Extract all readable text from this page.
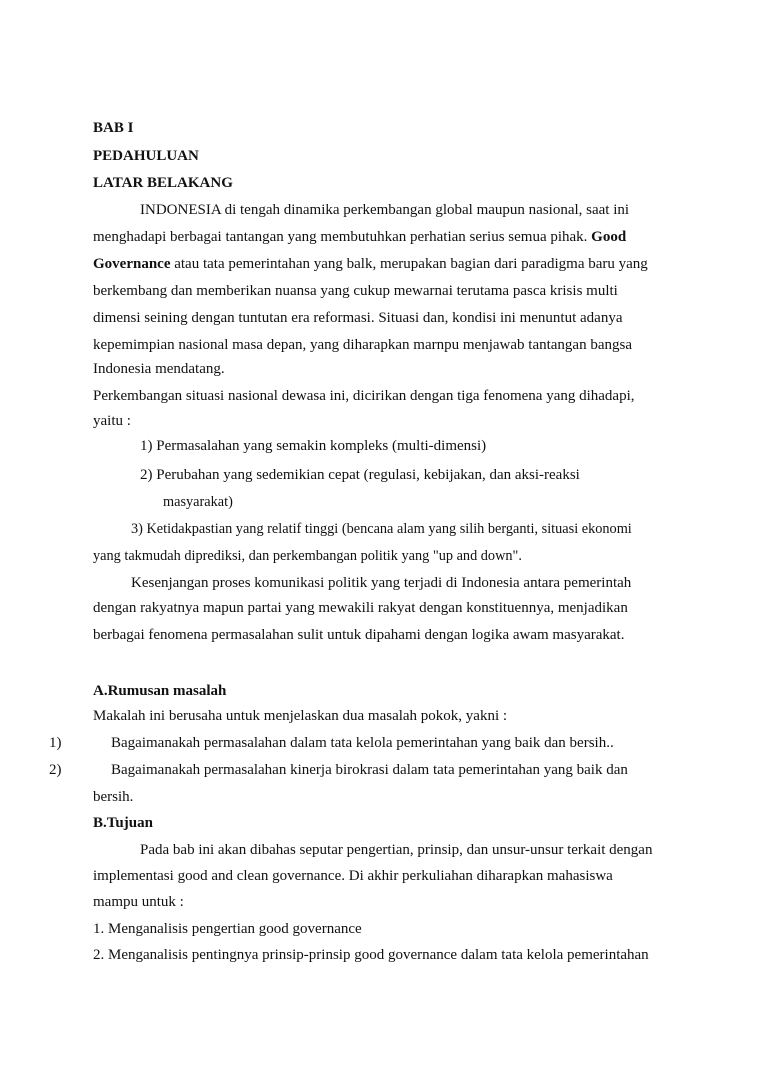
BAB I
PEDAHULUAN
LATAR BELAKANG
INDONESIA di tengah dinamika perkembangan global maupun nasional, saat ini
menghadapi berbagai tantangan yang membutuhkan perhatian serius semua pihak. Good
Governance atau tata pemerintahan yang balk, merupakan bagian dari paradigma baru yang
berkembang dan memberikan nuansa yang cukup mewarnai terutama pasca krisis multi
dimensi seining dengan tuntutan era reformasi. Situasi dan, kondisi ini menuntut adanya
kepemimpian nasional masa depan, yang diharapkan marnpu menjawab tantangan bangsa
Indonesia mendatang.
Perkembangan situasi nasional dewasa ini, dicirikan dengan tiga fenomena yang dihadapi,
yaitu :
1) Permasalahan yang semakin kompleks (multi-dimensi)
2) Perubahan yang sedemikian cepat (regulasi, kebijakan, dan aksi-reaksi
masyarakat)
3) Ketidakpastian yang relatif tinggi (bencana alam yang silih berganti, situasi ekonomi
yang takmudah diprediksi, dan perkembangan politik yang "up and down".
Kesenjangan proses komunikasi politik yang terjadi di Indonesia antara pemerintah
dengan rakyatnya mapun partai yang mewakili rakyat dengan konstituennya, menjadikan
berbagai fenomena permasalahan sulit untuk dipahami dengan logika awam masyarakat.
A.Rumusan masalah
Makalah ini berusaha untuk menjelaskan dua masalah pokok, yakni :
1)	Bagaimanakah permasalahan dalam tata kelola pemerintahan yang baik dan bersih..
2)	Bagaimanakah permasalahan kinerja birokrasi dalam tata pemerintahan yang baik dan
bersih.
B.Tujuan
Pada bab ini akan dibahas seputar pengertian, prinsip, dan unsur-unsur terkait dengan
implementasi good and clean governance. Di akhir perkuliahan diharapkan mahasiswa
mampu untuk :
1. Menganalisis pengertian good governance
2. Menganalisis pentingnya prinsip-prinsip good governance dalam tata kelola pemerintahan
